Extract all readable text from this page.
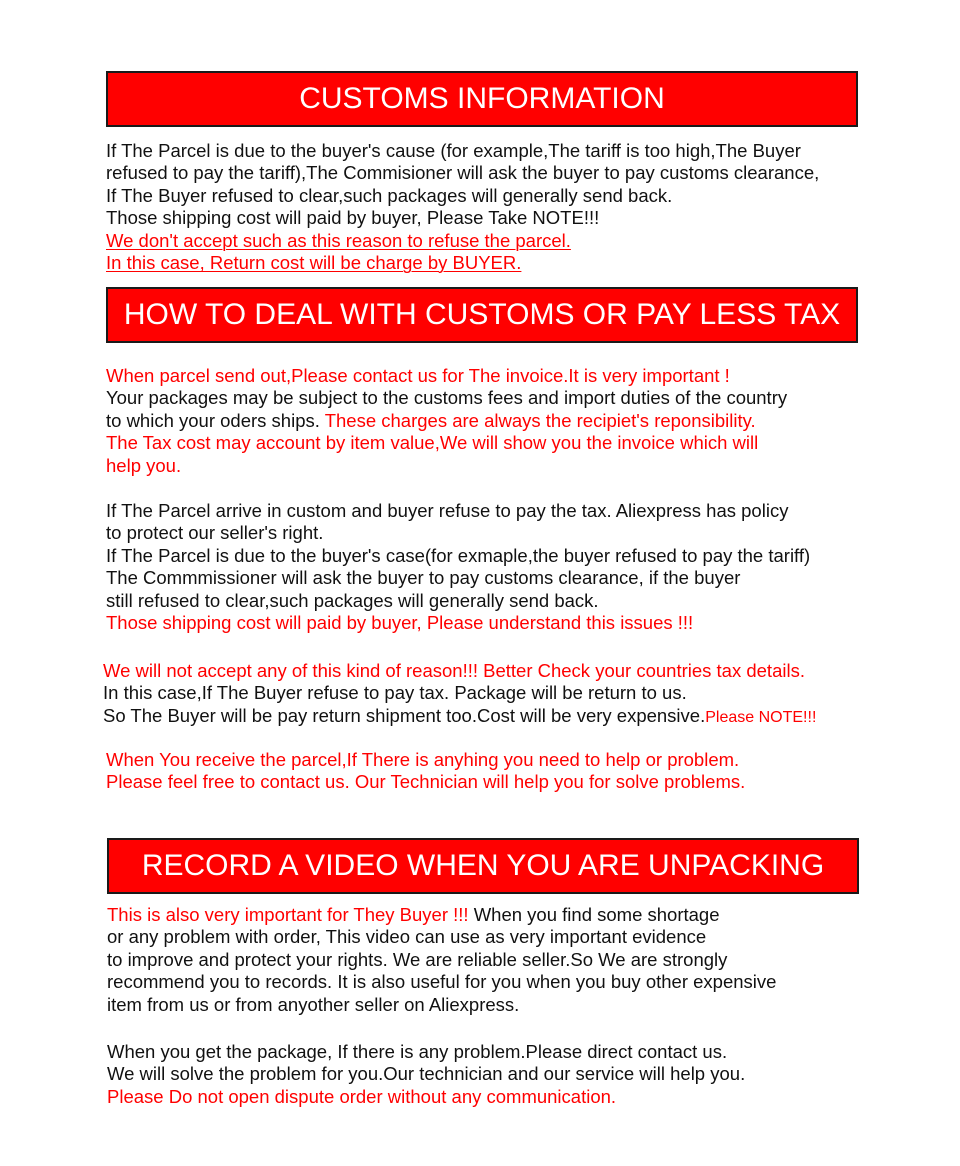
CUSTOMS INFORMATION
If The Parcel is due to the buyer's cause (for example,The tariff is too high,The Buyer
refused to pay the tariff),The Commisioner will ask the buyer to pay customs clearance,
If The Buyer refused to clear,such packages will generally send back.
Those shipping cost will paid by buyer, Please Take NOTE!!!
We don't accept such as this reason to refuse the parcel.
In this case, Return cost will be charge by BUYER.
HOW TO DEAL WITH CUSTOMS OR PAY LESS TAX
When parcel send out,Please contact us for The invoice.It is very important !
Your packages may be subject to the customs fees and import duties of the country
to which your oders ships. These charges are always the recipiet's reponsibility.
The Tax cost may account by item value,We will show you the invoice which will
help you.
If The Parcel arrive in custom and buyer refuse to pay the tax. Aliexpress has policy
to protect our seller's right.
If The Parcel is due to the buyer's case(for exmaple,the buyer refused to pay the tariff)
The Commmissioner will ask the buyer to pay customs clearance, if the buyer
still refused to clear,such packages will generally send back.
Those shipping cost will paid by buyer, Please understand this issues !!!
We will not accept any of this kind of reason!!! Better Check your countries tax details.
In this case,If The Buyer refuse to pay tax. Package will be return to us.
So The Buyer will be pay return shipment too.Cost will be very expensive.Please NOTE!!!
When You receive the parcel,If There is anyhing you need to help or problem.
Please feel free to contact us. Our Technician will help you for solve problems.
RECORD A VIDEO WHEN YOU ARE UNPACKING
This is also very important for They Buyer !!! When you find some shortage
or any problem with order, This video can use as very important evidence
to improve and protect your rights. We are reliable seller.So We are strongly
recommend you to records. It is also useful for you when you buy other expensive
item from us or from anyother seller on Aliexpress.
When you get the package, If there is any problem.Please direct contact us.
We will solve the problem for you.Our technician and our service will help you.
Please Do not open dispute order without any communication.
